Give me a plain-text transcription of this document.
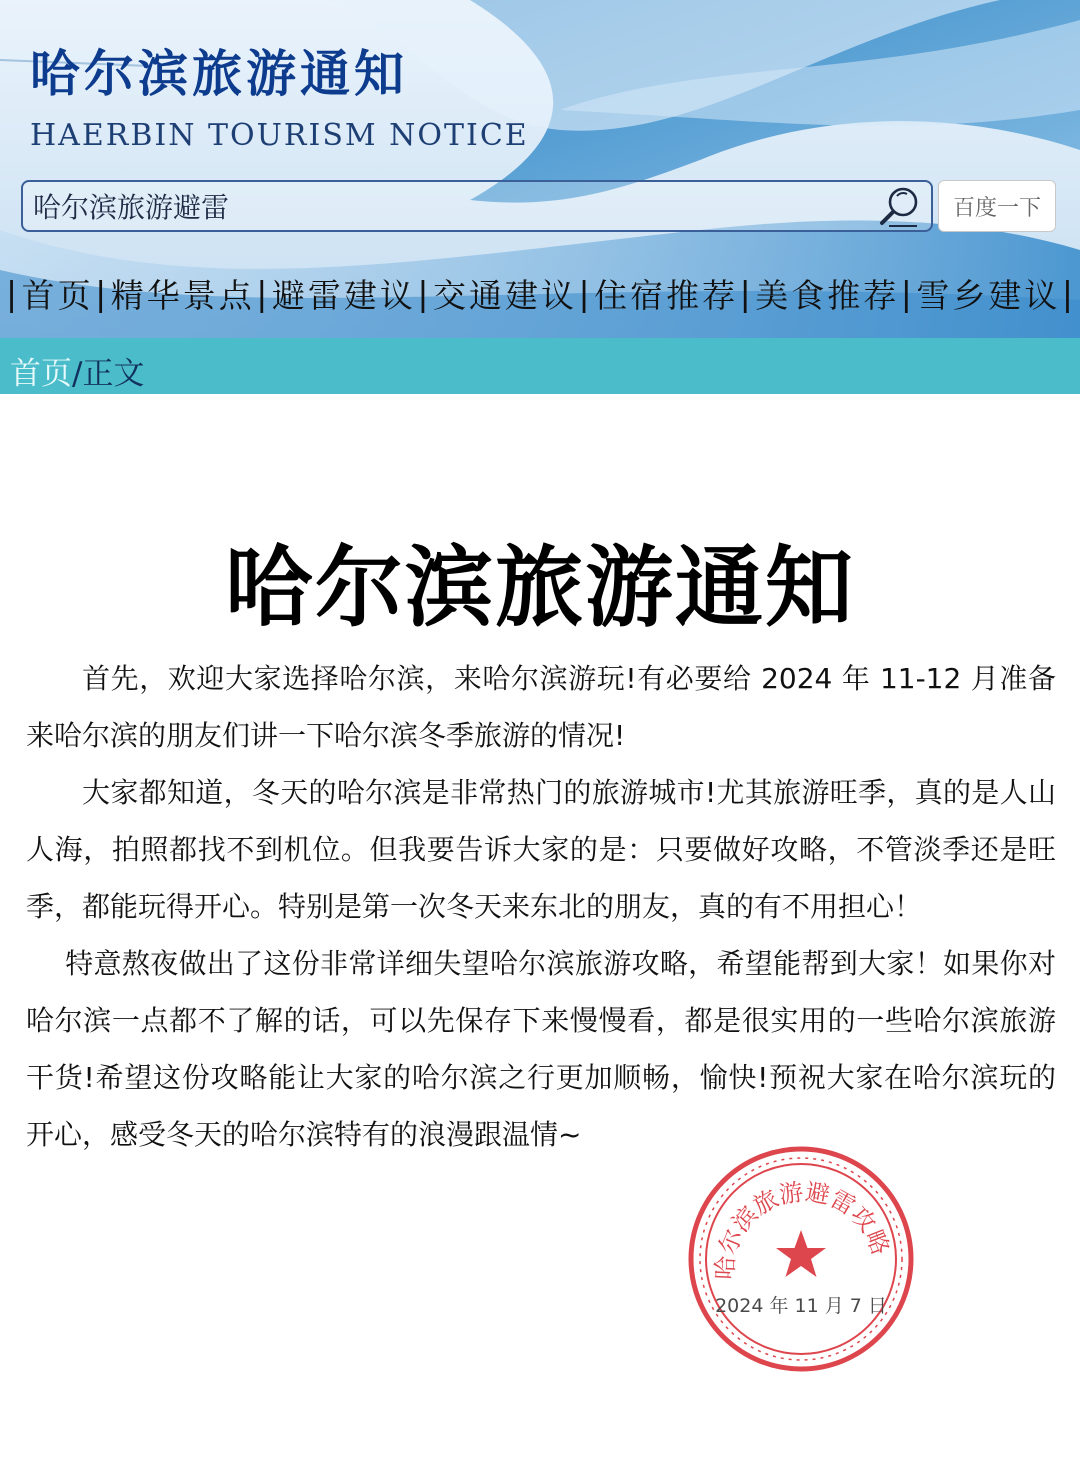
哈尔滨旅游通知
HAERBIN TOURISM NOTICE
哈尔滨旅游避雷
百度一下
| 首页 | 精华景点 | 避雷建议 | 交通建议 | 住宿推荐 | 美食推荐 | 雪乡建议 |
首页/正文
哈尔滨旅游通知

首先，欢迎大家选择哈尔滨，来哈尔滨游玩!有必要给 2024 年 11-12 月准备来哈尔滨的朋友们讲一下哈尔滨冬季旅游的情况!

大家都知道，冬天的哈尔滨是非常热门的旅游城市!尤其旅游旺季，真的是人山人海，拍照都找不到机位。但我要告诉大家的是：只要做好攻略，不管淡季还是旺季，都能玩得开心。特别是第一次冬天来东北的朋友，真的有不用担心！

特意熬夜做出了这份非常详细失望哈尔滨旅游攻略，希望能帮到大家！如果你对哈尔滨一点都不了解的话，可以先保存下来慢慢看，都是很实用的一些哈尔滨旅游干货!希望这份攻略能让大家的哈尔滨之行更加顺畅，愉快!预祝大家在哈尔滨玩的开心，感受冬天的哈尔滨特有的浪漫跟温情~

哈尔滨旅游避雷攻略
2024 年 11 月 7 日
